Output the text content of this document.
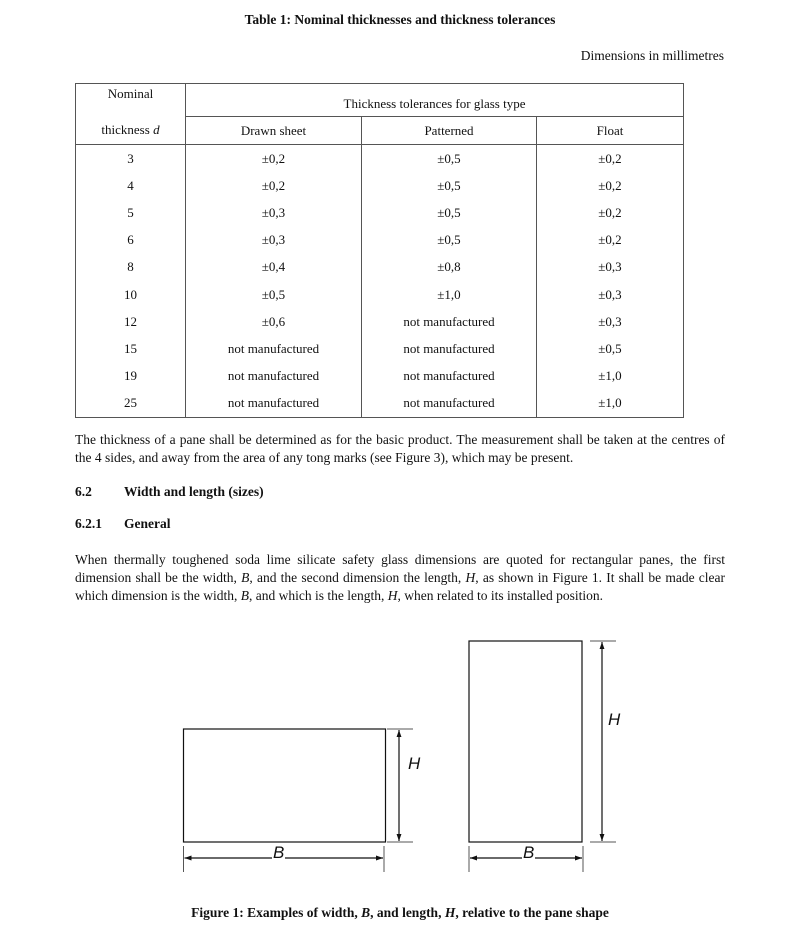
Table 1: Nominal thicknesses and thickness tolerances
Dimensions in millimetres
Nominal	Thickness tolerances for glass type		
thickness d	Drawn sheet	Patterned	Float
3	±0,2	±0,5	±0,2
4	±0,2	±0,5	±0,2
5	±0,3	±0,5	±0,2
6	±0,3	±0,5	±0,2
8	±0,4	±0,8	±0,3
10	±0,5	±1,0	±0,3
12	±0,6	not manufactured	±0,3
15	not manufactured	not manufactured	±0,5
19	not manufactured	not manufactured	±1,0
25	not manufactured	not manufactured	±1,0
The thickness of a pane shall be determined as for the basic product. The measurement shall be taken at the centres of the 4 sides, and away from the area of any tong marks (see Figure 3), which may be present.
6.2 Width and length (sizes)
6.2.1 General
When thermally toughened soda lime silicate safety glass dimensions are quoted for rectangular panes, the first dimension shall be the width, B, and the second dimension the length, H, as shown in Figure 1. It shall be made clear which dimension is the width, B, and which is the length, H, when related to its installed position.
H
B
H
B
Figure 1: Examples of width, B, and length, H, relative to the pane shape
